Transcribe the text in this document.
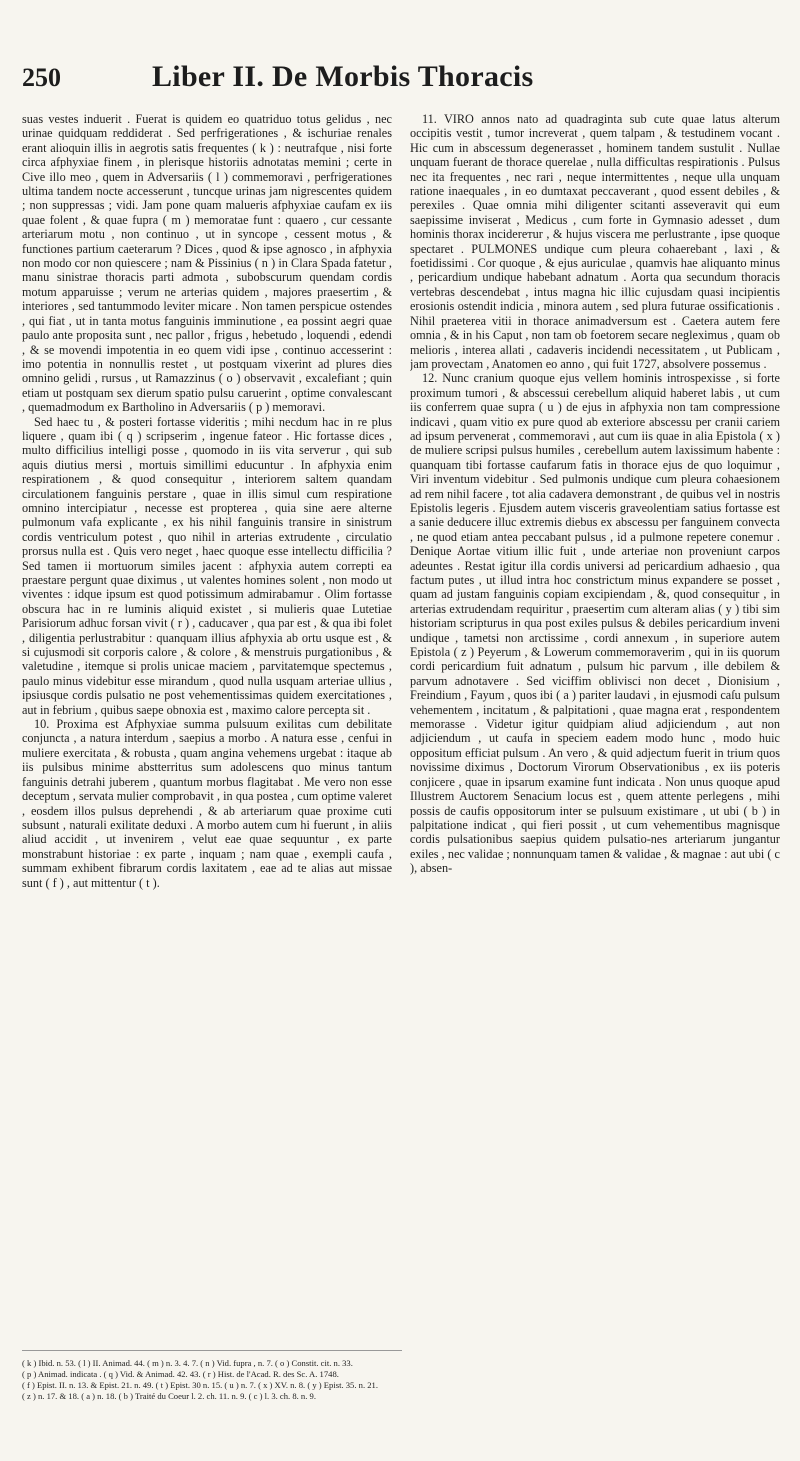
250	Liber II. De Morbis Thoracis

suas vestes induerit . Fuerat is quidem eo quatriduo totus gelidus , nec urinae quidquam reddiderat . Sed perfrigerationes , & ischuriae renales erant alioquin illis in aegrotis satis frequentes ( k ) : neutrafque , nisi forte circa afphyxiae finem , in plerisque historiis adnotatas memini ; certe in Cive illo meo , quem in Adversariis ( l ) commemoravi , perfrigerationes ultima tandem nocte accesserunt , tuncque urinas jam nigrescentes quidem ; non suppressas ; vidi. Jam pone quam malueris afphyxiae caufam ex iis quae folent , & quae fupra ( m ) memoratae funt : quaero , cur cessante arteriarum motu , non continuo , ut in syncope , cessent motus , & functiones partium caeterarum ? Dices , quod & ipse agnosco , in afphyxia non modo cor non quiescere ; nam & Pissinius ( n ) in Clara Spada fatetur , manu sinistrae thoracis parti admota , subobscurum quendam cordis motum apparuisse ; verum ne arterias quidem , majores praesertim , & interiores , sed tantummodo leviter micare . Non tamen perspicue ostendes , qui fiat , ut in tanta motus fanguinis imminutione , ea possint aegri quae paulo ante proposita sunt , nec pallor , frigus , hebetudo , loquendi , edendi , & se movendi impotentia in eo quem vidi ipse , continuo accesserint : imo potentia in nonnullis restet , ut postquam vixerint ad plures dies omnino gelidi , rursus , ut Ramazzinus ( o ) observavit , excalefiant ; quin etiam ut postquam sex dierum spatio pulsu caruerint , optime convalescant , quemadmodum ex Bartholino in Adversariis ( p ) memoravi.

Sed haec tu , & posteri fortasse videritis ; mihi necdum hac in re plus liquere , quam ibi ( q ) scripserim , ingenue fateor . Hic fortasse dices , multo difficilius intelligi posse , quomodo in iis vita serveтur , qui sub aquis diutius mersi , mortuis simillimi educuntur . In afphyxia enim respirationem , & quod consequitur , interiorem saltem quandam circulationem fanguinis perstare , quae in illis simul cum respiratione omnino intercipiatur , necesse est propterea , quia sine aere alterne pulmonum vafa explicante , ex his nihil fanguinis transire in sinistrum cordis ventriculum potest , quo nihil in arterias extrudente , circulatio prorsus nulla est . Quis vero neget , haec quoque esse intellectu difficilia ? Sed tamen ii mortuorum similes jacent : afphyxia autem correpti ea praestare pergunt quae diximus , ut valentes homines solent , non modo ut viventes : idque ipsum est quod potissimum admirabamur . Olim fortasse obscura hac in re luminis aliquid existet , si mulieris quae Lutetiae Parisiorum adhuc forsan vivit ( r ) , caducaver , qua par est , & qua ibi folet , diligentia perlustrabitur : quanquam illius afphyxia ab ortu usque est , & si cujusmodi sit corporis calore , & colore , & menstruis purgationibus , & valetudine , itemque si prolis unicae maciem , parvitatemque spectemus , paulo minus videbitur esse mirandum , quod nulla usquam arteriae ullius , ipsiusque cordis pulsatio ne post vehementissimas quidem exercitationes , aut in febrium , quibus saepe obnoxia est , maximo calore percepta sit .

10. Proxima est Afphyxiae summa pulsuum exilitas cum debilitate conjuncta , a natura interdum , saepius a morbo . A natura esse , cenfui in muliere exercitata , & robusta , quam angina vehemens urgebat : itaque ab iis pulsibus minime abstterritus sum adolescens quo minus tantum fanguinis detrahi juberem , quantum morbus flagitabat . Me vero non esse deceptum , servata mulier comprobavit , in qua postea , cum optime valeret , eosdem illos pulsus deprehendi , & ab arteriarum quae proxime cuti subsunt , naturali exilitate deduxi . A morbo autem cum hi fuerunt , in aliis aliud accidit , ut invenirem , velut eae quae sequuntur , ex parte monstrabunt historiae : ex parte , inquam ; nam quae , exempli caufa , summam exhibent fibrarum cordis laxitatem , eae ad te alias aut missae sunt ( f ) , aut mittentur ( t ).

11. VIRO annos nato ad quadraginta sub cute quae latus alterum occipitis vestit , tumor increverat , quem talpam , & testudinem vocant . Hic cum in abscessum degenerasset , hominem tandem sustulit . Nullae unquam fuerant de thorace querelae , nulla difficultas respirationis . Pulsus nec ita frequentes , nec rari , neque intermittentes , neque ulla unquam ratione inaequales , in eo dumtaxat peccaverant , quod essent debiles , & perexiles . Quae omnia mihi diligenter scitanti asseveravit qui eum saepissime inviserat , Medicus , cum forte in Gymnasio adesset , dum hominis thorax inciderетur , & hujus viscera me perlustrante , ipse quoque spectaret . PULMONES undique cum pleura cohaerebant , laxi , & foetidissimi . Cor quoque , & ejus auriculae , quamvis hae aliquanto minus , pericardium undique habebant adnatum . Aorta qua secundum thoracis vertebras descendebat , intus magna hic illic cujusdam quasi incipientis erosionis ostendit indicia , minora autem , sed plura futurae ossificationis . Nihil praeterea vitii in thorace animadversum est . Caetera autem fere omnia , & in his Caput , non tam ob foetorem secare neglеximus , quam ob melioris , interea allati , cadaveris incidendi necessitatem , ut Publicam , jam provectam , Anatomen eo anno , qui fuit 1727, absolvere possemus .

12. Nunc cranium quoque ejus vellem hominis introspexisse , si forte proximum tumori , & abscessui cerebellum aliquid haberet labis , ut cum iis conferrem quae supra ( u ) de ejus in afphyxia non tam compressione indicavi , quam vitio ex pure quod ab exteriore abscessu per cranii cariem ad ipsum pervenerat , commemoravi , aut cum iis quae in alia Epistola ( x ) de muliere scripsi pulsus humiles , cerebellum autem laxissimum habente : quanquam tibi fortasse caufarum fatis in thorace ejus de quo loquimur , Viri inventum videbitur . Sed pulmonis undique cum pleura cohaesionem ad rem nihil facere , tot alia cadavera demonstrant , de quibus vel in nostris Epistolis legeris . Ejusdem autem viscеris graveolentiam satius fortasse est a sanie deducere illuc extremis diebus ex abscessu per fanguinem convecta , ne quod etiam antea peccabant pulsus , id a pulmone repetere conemur . Denique Aortae vitium illic fuit , unde arteriae non proveniunt carpos adeuntes . Restat igitur illa cordis universi ad pericardium adhaesio , qua factum putes , ut illud intra hoc constrictum minus expandere se posset , quam ad justam fanguinis copiam excipiendam , &, quod consequitur , in arterias extrudendam requiritur , praesertim cum alteram alias ( y ) tibi sim historiam scripturus in qua post exiles pulsus & debiles pericardium inveni undique , tametsi non arctissime , cordi annexum , in superiore autem Epistola ( z ) Peyerum , & Lowerum commemoraverim , qui in iis quorum cordi pericardium fuit adnatum , pulsum hic parvum , ille debilem & parvum adnotavere . Sed viciffim oblivisci non decet , Dionisium , Freindium , Fayum , quos ibi ( a ) pariter laudavi , in ejusmodi caſu pulsum vehementem , incitatum , & palpitationi , quae magna erat , respondentem memorasse . Videtur igitur quidpiam aliud adjiciendum , aut non adjiciendum , ut caufa in speciem eadem modo hunc , modo huic oppositum efficiat pulsum . An vero , & quid adjectum fuerit in trium quos novissime diximus , Doctorum Virorum Observationibus , ex iis poteris conjicere , quae in ipsarum examine funt indicata . Non unus quoque apud Illustrem Auctorem Senacium locus est , quem attente perlegens , mihi possis de caufis oppositorum inter se pulsuum existimare , ut ubi ( b ) in palpitatione indicat , qui fieri possit , ut cum vehementibus magnisque cordis pulsationibus saepius quidem pulsatio-nes arteriarum jungantur exiles , nec validae ; nonnunquam tamen & validae , & magnae : aut ubi ( c ), absen-

( k ) Ibid. n. 53. ( l ) II. Animad. 44. ( m ) n. 3. 4. 7. ( n ) Vid. fupra , n. 7. ( o ) Constit. cit. n. 33.
( p ) Animad. indicata . ( q ) Vid. & Animad. 42. 43. ( r ) Hist. de l'Acad. R. des Sc. A. 1748.
( f ) Epist. II. n. 13. & Epist. 21. n. 49. ( t ) Epist. 30 n. 15. ( u ) n. 7. ( x ) XV. n. 8. ( y ) Epist. 35. n. 21.
( z ) n. 17. & 18. ( a ) n. 18. ( b ) Traité du Coeur l. 2. ch. 11. n. 9. ( c ) l. 3. ch. 8. n. 9.
